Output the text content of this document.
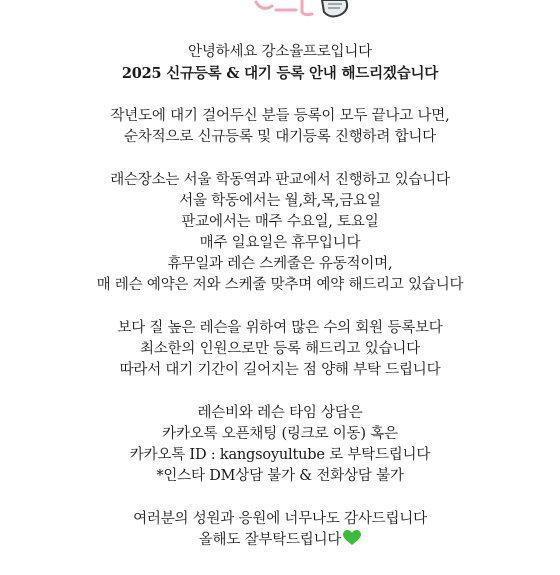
안녕하세요 강소율프로입니다
2025 신규등록 & 대기 등록 안내 해드리겠습니다
작년도에 대기 걸어두신 분들 등록이 모두 끝나고 나면,
순차적으로 신규등록 및 대기등록 진행하려 합니다
래슨장소는 서울 학동역과 판교에서 진행하고 있습니다
서울 학동에서는 월,화,목,금요일
판교에서는 매주 수요일, 토요일
매주 일요일은 휴무입니다
휴무일과 레슨 스케줄은 유동적이며,
매 레슨 예약은 저와 스케줄 맞추며 예약 해드리고 있습니다
보다 질 높은 레슨을 위하여 많은 수의 회원 등록보다
최소한의 인원으로만 등록 해드리고 있습니다
따라서 대기 기간이 길어지는 점 양해 부탁 드립니다
레슨비와 레슨 타임 상담은
카카오톡 오픈채팅 (링크로 이동) 혹은
카카오톡 ID : kangsoyultube 로 부탁드립니다
*인스타 DM상담 불가 & 전화상담 불가
여러분의 성원과 응원에 너무나도 감사드립니다
올해도 잘부탁드립니다
